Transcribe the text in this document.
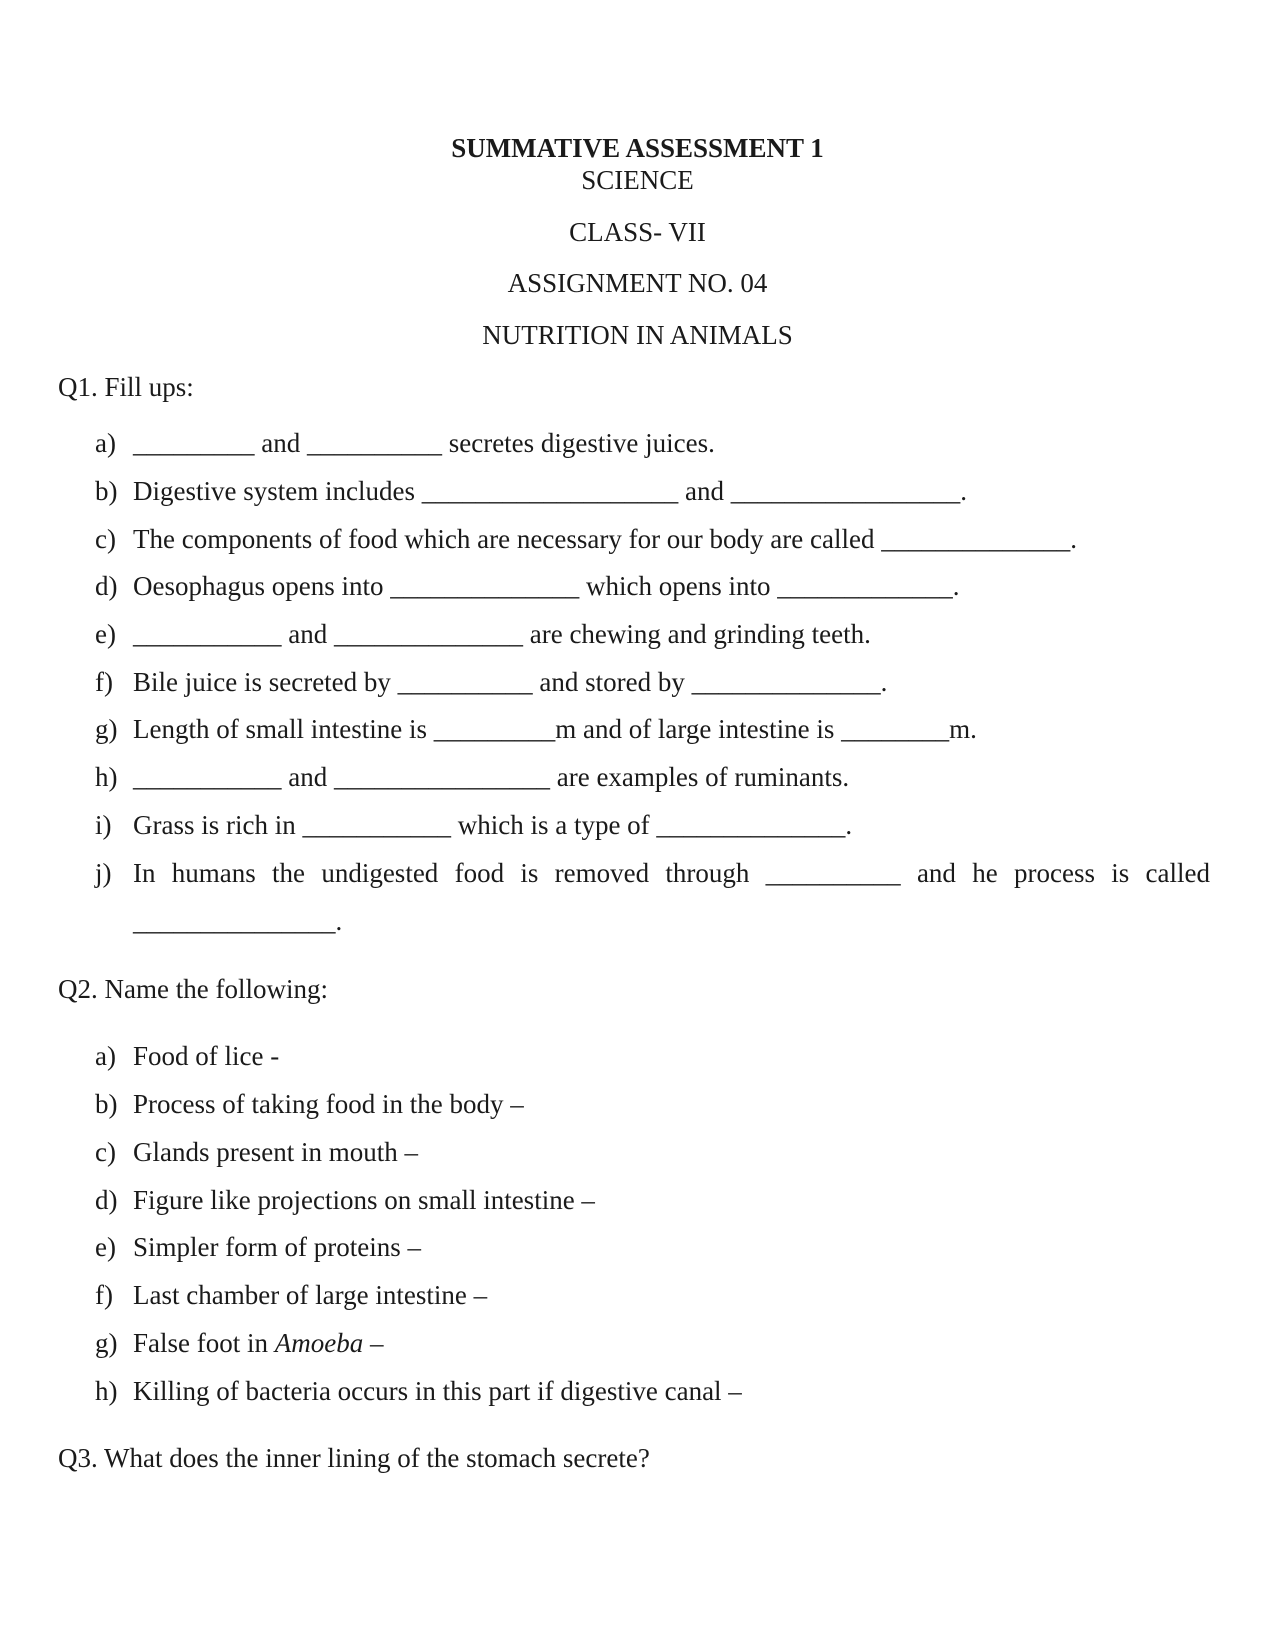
SUMMATIVE ASSESSMENT 1
SCIENCE
CLASS- VII
ASSIGNMENT NO. 04
NUTRITION IN ANIMALS
Q1. Fill ups:
a) _________ and __________ secretes digestive juices.
b) Digestive system includes ___________________ and _________________.
c) The components of food which are necessary for our body are called ______________.
d) Oesophagus opens into ______________ which opens into _____________.
e) ___________ and ______________ are chewing and grinding teeth.
f) Bile juice is secreted by __________ and stored by ______________.
g) Length of small intestine is _________m and of large intestine is ________m.
h) ___________ and ________________ are examples of ruminants.
i) Grass is rich in ___________ which is a type of ______________.
j) In humans the undigested food is removed through __________ and he process is called
_______________.
Q2. Name the following:
a) Food of lice -
b) Process of taking food in the body –
c) Glands present in mouth –
d) Figure like projections on small intestine –
e) Simpler form of proteins –
f) Last chamber of large intestine –
g) False foot in Amoeba –
h) Killing of bacteria occurs in this part if digestive canal –
Q3. What does the inner lining of the stomach secrete?
